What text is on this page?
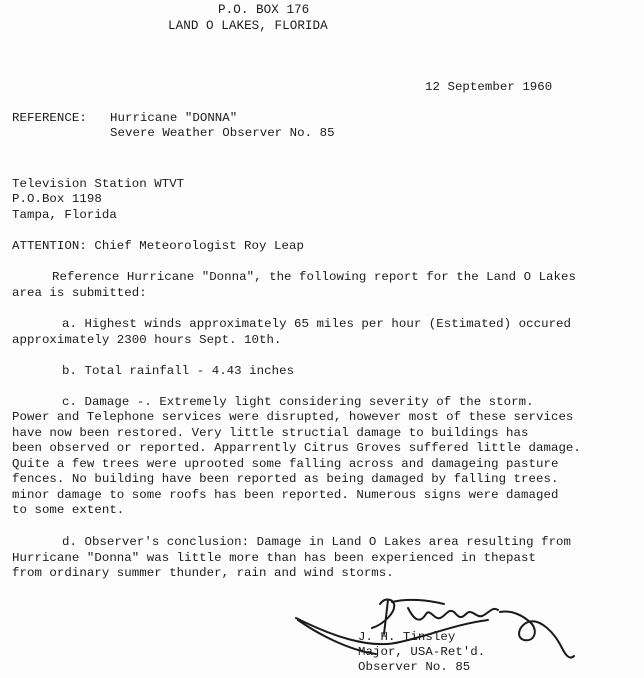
P.O. BOX 176
LAND O LAKES, FLORIDA
12 September 1960
REFERENCE: Hurricane "DONNA"
Severe Weather Observer No. 85
Television Station WTVT
P.O.Box 1198
Tampa, Florida
ATTENTION: Chief Meteorologist Roy Leap
Reference Hurricane "Donna", the following report for the Land O Lakes
area is submitted:
a. Highest winds approximately 65 miles per hour (Estimated) occured
approximately 2300 hours Sept. 10th.
b. Total rainfall - 4.43 inches
c. Damage -. Extremely light considering severity of the storm.
Power and Telephone services were disrupted, however most of these services
have now been restored. Very little structial damage to buildings has
been observed or reported. Apparrently Citrus Groves suffered little damage.
Quite a few trees were uprooted some falling across and damageing pasture
fences. No building have been reported as being damaged by falling trees.
minor damage to some roofs has been reported. Numerous signs were damaged
to some extent.
d. Observer's conclusion: Damage in Land O Lakes area resulting from
Hurricane "Donna" was little more than has been experienced in thepast
from ordinary summer thunder, rain and wind storms.
J. H. Tinsley
Major, USA-Ret'd.
Observer No. 85
